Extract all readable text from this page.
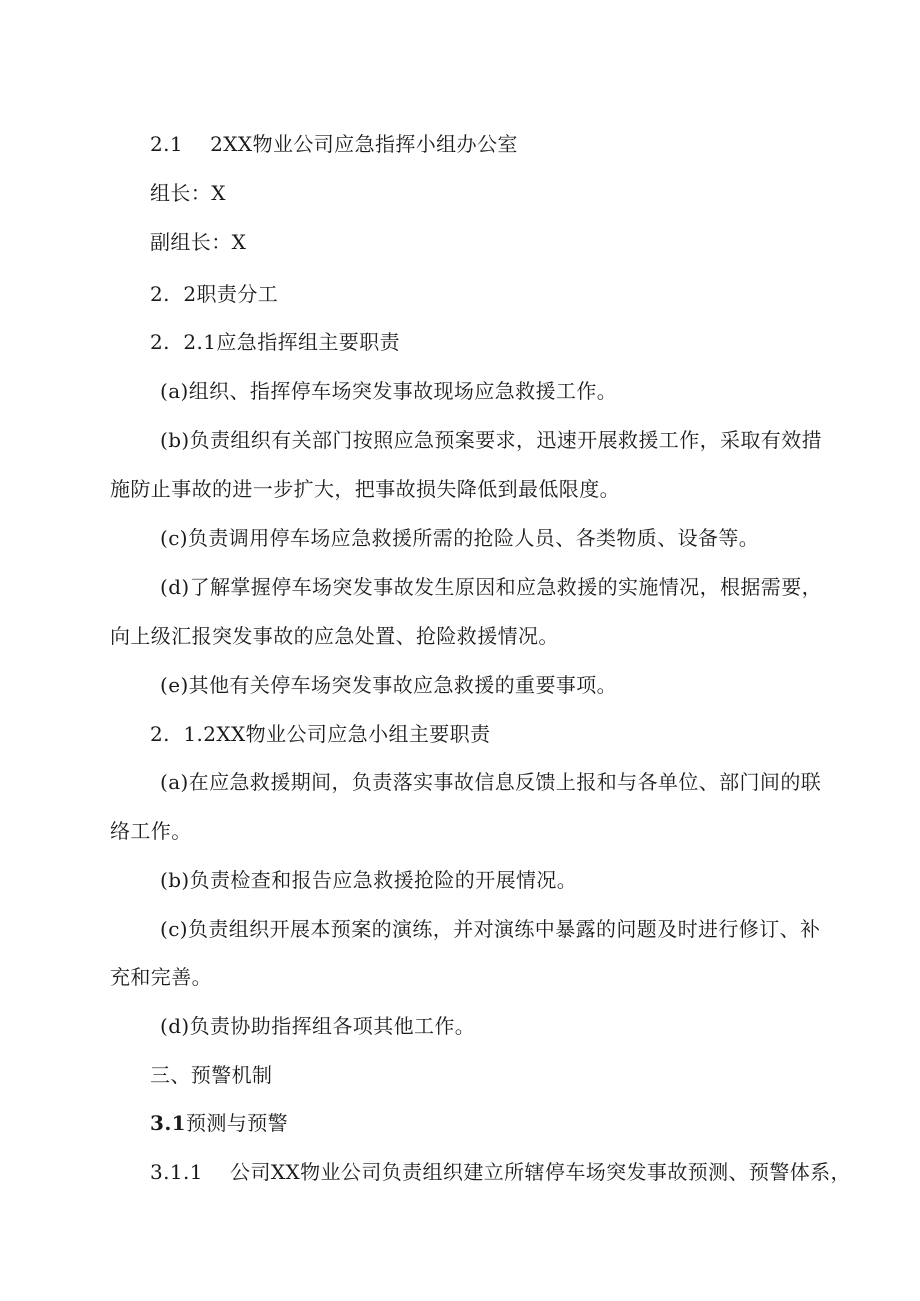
2.1　 2XX物业公司应急指挥小组办公室
组长：X
副组长：X
2.  2职责分工
2.  2.1应急指挥组主要职责
(a)组织、指挥停车场突发事故现场应急救援工作。
(b)负责组织有关部门按照应急预案要求，迅速开展救援工作，采取有效措
施防止事故的进一步扩大，把事故损失降低到最低限度。
(c)负责调用停车场应急救援所需的抢险人员、各类物质、设备等。
(d)了解掌握停车场突发事故发生原因和应急救援的实施情况，根据需要，
向上级汇报突发事故的应急处置、抢险救援情况。
(e)其他有关停车场突发事故应急救援的重要事项。
2.  1.2XX物业公司应急小组主要职责
(a)在应急救援期间，负责落实事故信息反馈上报和与各单位、部门间的联
络工作。
(b)负责检查和报告应急救援抢险的开展情况。
(c)负责组织开展本预案的演练，并对演练中暴露的问题及时进行修订、补
充和完善。
(d)负责协助指挥组各项其他工作。
三、预警机制
3.1预测与预警
3.1.1　 公司XX物业公司负责组织建立所辖停车场突发事故预测、预警体系，
